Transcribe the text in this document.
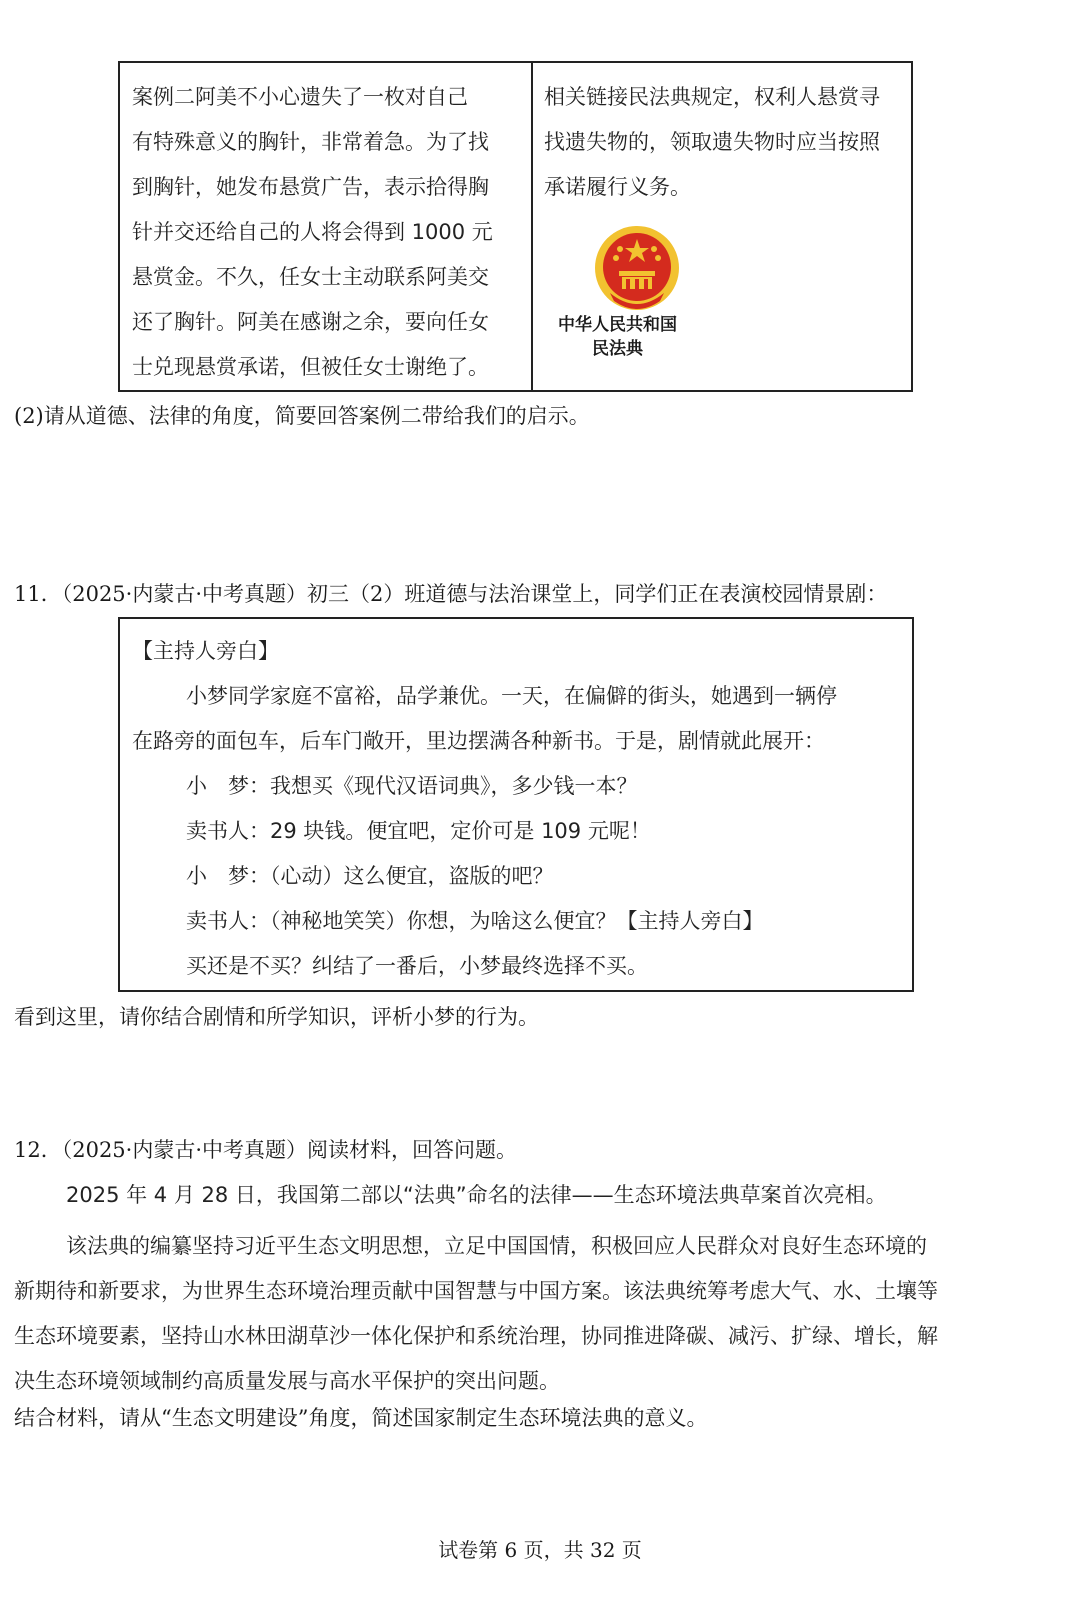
案例二阿美不小心遗失了一枚对自己
有特殊意义的胸针，非常着急。为了找
到胸针，她发布悬赏广告，表示拾得胸
针并交还给自己的人将会得到 1000 元
悬赏金。不久，任女士主动联系阿美交
还了胸针。阿美在感谢之余，要向任女
士兑现悬赏承诺，但被任女士谢绝了。
相关链接民法典规定，权利人悬赏寻
找遗失物的，领取遗失物时应当按照
承诺履行义务。
中华人民共和国
民法典
(2)请从道德、法律的角度，简要回答案例二带给我们的启示。
11．（2025·内蒙古·中考真题）初三（2）班道德与法治课堂上，同学们正在表演校园情景剧：
【主持人旁白】
小梦同学家庭不富裕，品学兼优。一天，在偏僻的街头，她遇到一辆停
在路旁的面包车，后车门敞开，里边摆满各种新书。于是，剧情就此展开：
小　梦：我想买《现代汉语词典》，多少钱一本？
卖书人：29 块钱。便宜吧，定价可是 109 元呢！
小　梦：（心动）这么便宜，盗版的吧？
卖书人：（神秘地笑笑）你想，为啥这么便宜？【主持人旁白】
买还是不买？纠结了一番后，小梦最终选择不买。
看到这里，请你结合剧情和所学知识，评析小梦的行为。
12．（2025·内蒙古·中考真题）阅读材料，回答问题。
2025 年 4 月 28 日，我国第二部以“法典”命名的法律——生态环境法典草案首次亮相。
该法典的编纂坚持习近平生态文明思想，立足中国国情，积极回应人民群众对良好生态环境的
新期待和新要求，为世界生态环境治理贡献中国智慧与中国方案。该法典统筹考虑大气、水、土壤等
生态环境要素，坚持山水林田湖草沙一体化保护和系统治理，协同推进降碳、减污、扩绿、增长，解
决生态环境领域制约高质量发展与高水平保护的突出问题。
结合材料，请从“生态文明建设”角度，简述国家制定生态环境法典的意义。
试卷第 6 页，共 32 页
